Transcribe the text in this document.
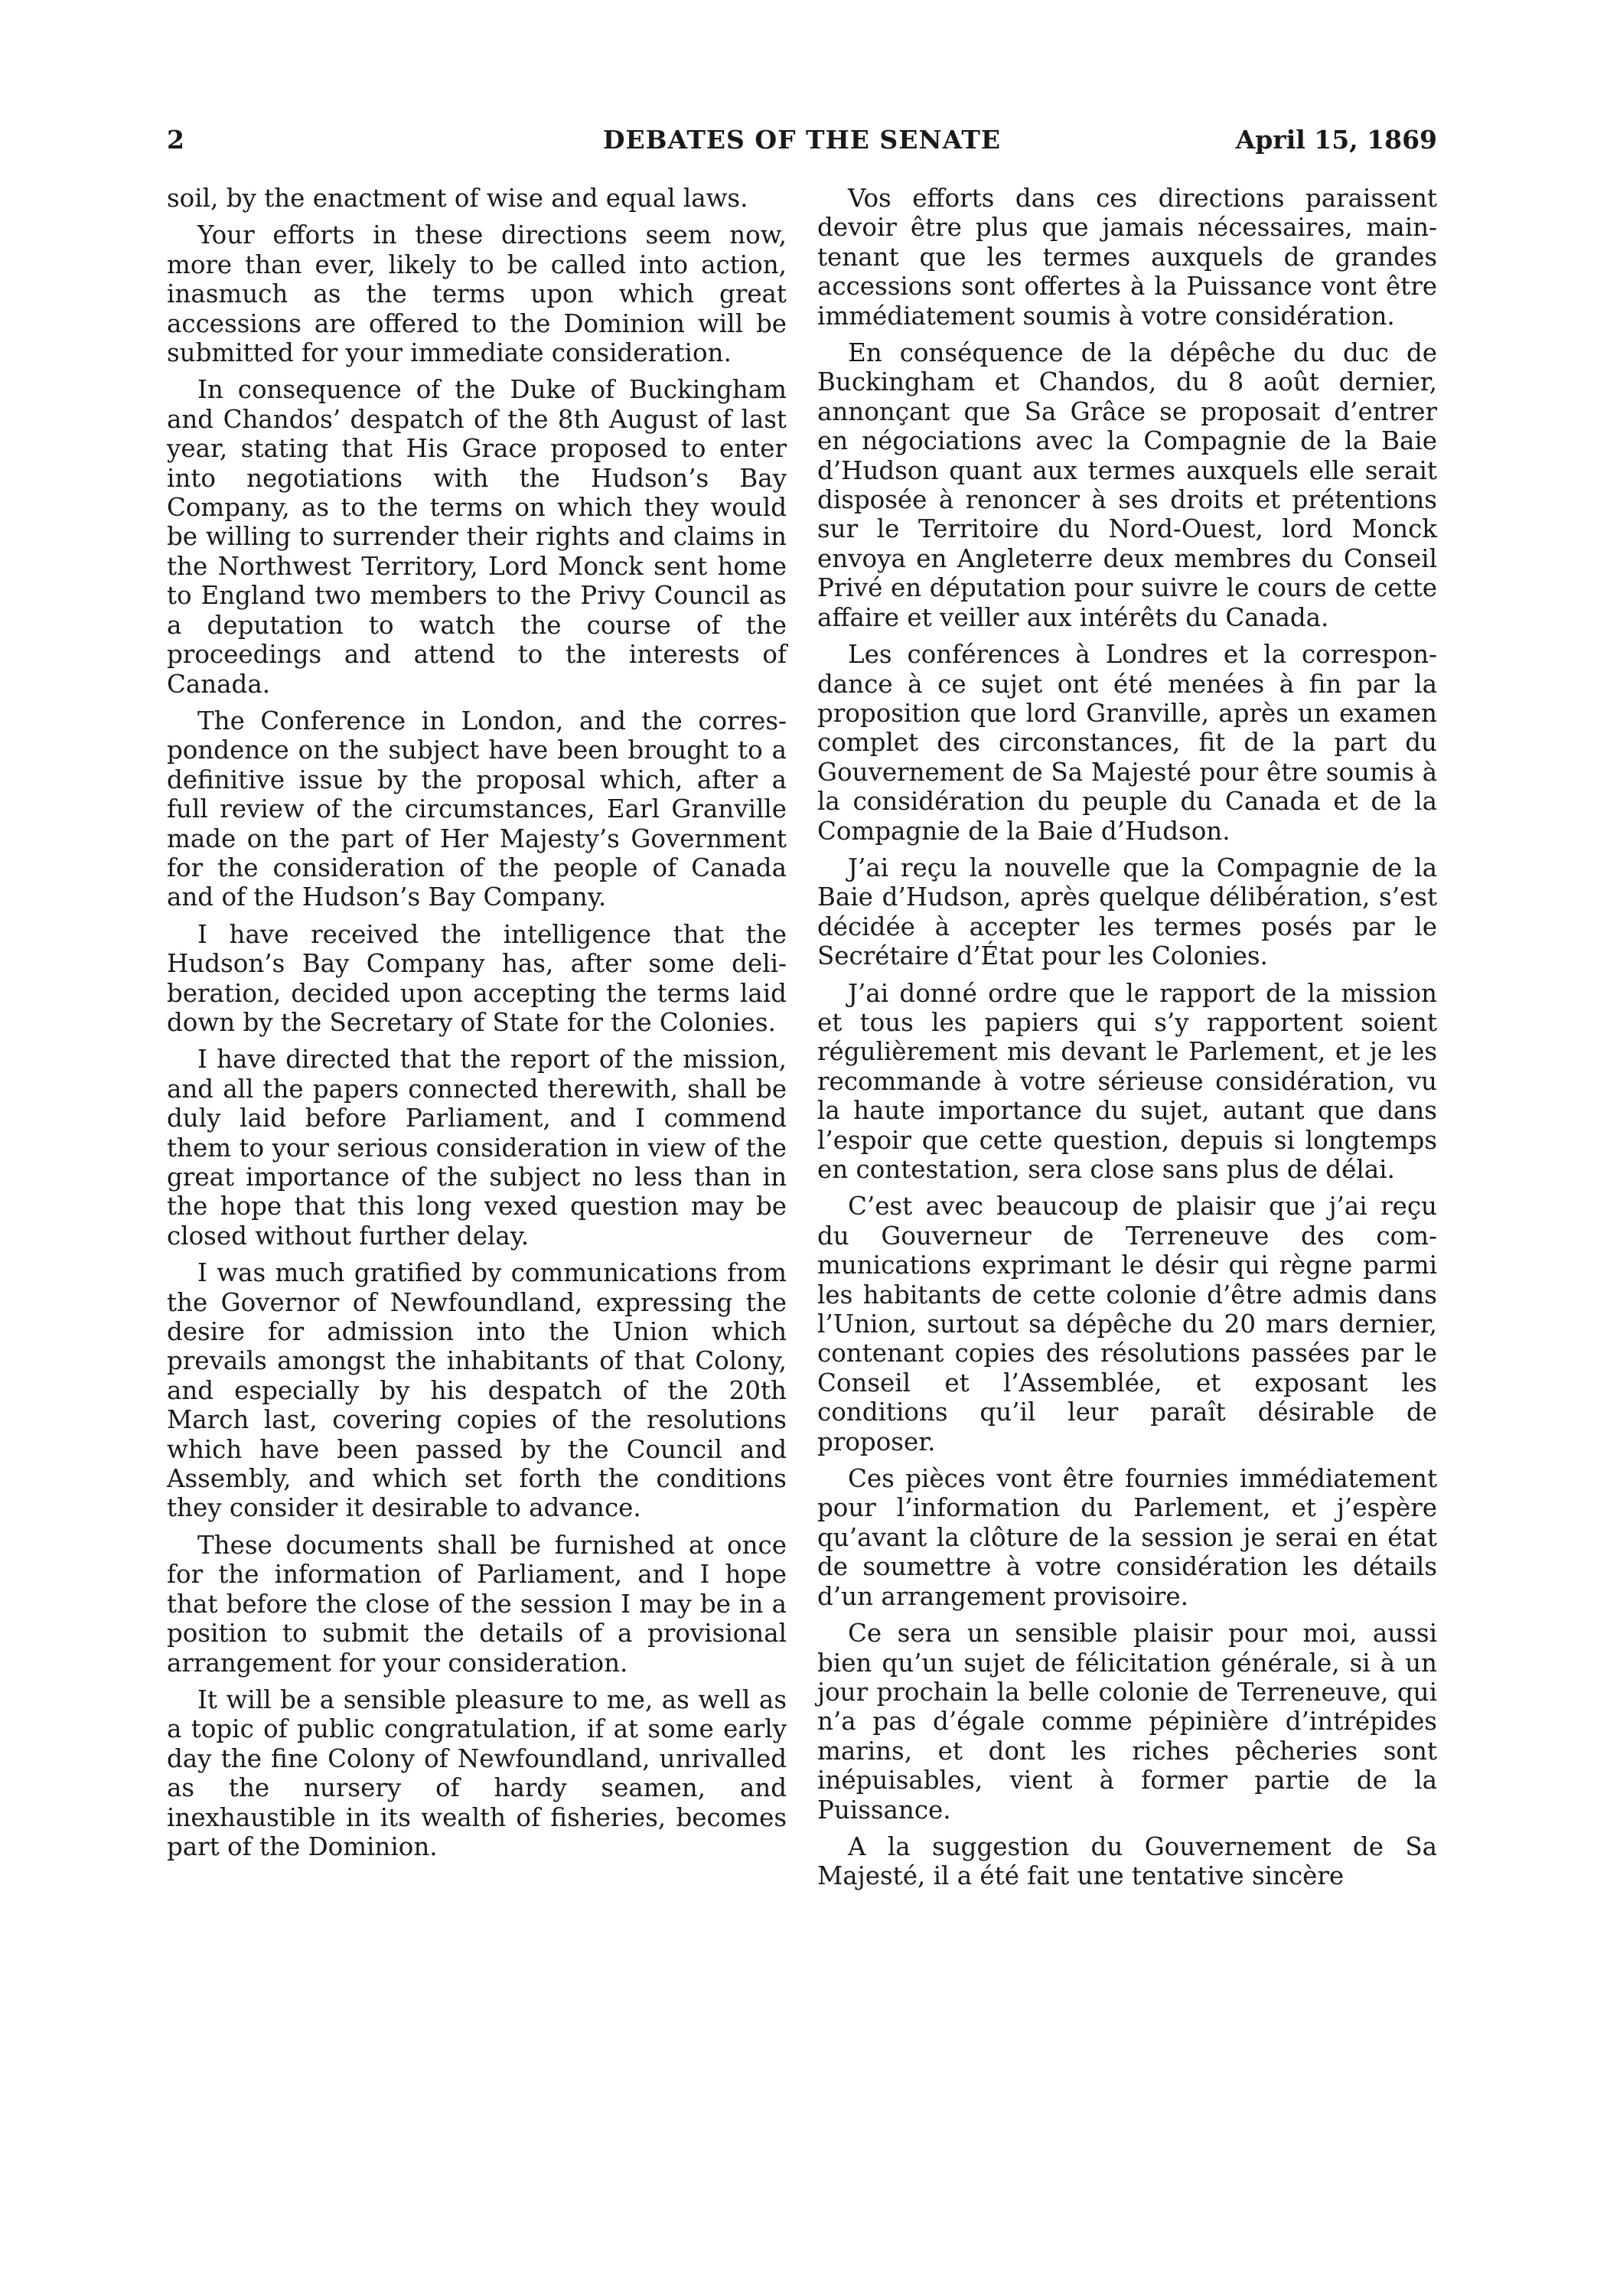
2	DEBATES OF THE SENATE	April 15, 1869

soil, by the enactment of wise and equal laws.

Your efforts in these directions seem now, more than ever, likely to be called into action, inasmuch as the terms upon which great accessions are offered to the Dominion will be submitted for your immediate consideration.

In consequence of the Duke of Buckingham and Chandos’ despatch of the 8th August of last year, stating that His Grace proposed to enter into negotiations with the Hudson’s Bay Company, as to the terms on which they would be willing to surrender their rights and claims in the Northwest Territory, Lord Monck sent home to England two members to the Privy Council as a deputation to watch the course of the proceedings and attend to the interests of Canada.

The Conference in London, and the correspondence on the subject have been brought to a definitive issue by the proposal which, after a full review of the circumstances, Earl Granville made on the part of Her Majesty’s Government for the consideration of the people of Canada and of the Hudson’s Bay Company.

I have received the intelligence that the Hudson’s Bay Company has, after some deliberation, decided upon accepting the terms laid down by the Secretary of State for the Colonies.

I have directed that the report of the mission, and all the papers connected therewith, shall be duly laid before Parliament, and I commend them to your serious consideration in view of the great importance of the subject no less than in the hope that this long vexed question may be closed without further delay.

I was much gratified by communications from the Governor of Newfoundland, expressing the desire for admission into the Union which prevails amongst the inhabitants of that Colony, and especially by his despatch of the 20th March last, covering copies of the resolutions which have been passed by the Council and Assembly, and which set forth the conditions they consider it desirable to advance.

These documents shall be furnished at once for the information of Parliament, and I hope that before the close of the session I may be in a position to submit the details of a provisional arrangement for your consideration.

It will be a sensible pleasure to me, as well as a topic of public congratulation, if at some early day the fine Colony of Newfoundland, unrivalled as the nursery of hardy seamen, and inexhaustible in its wealth of fisheries, becomes part of the Dominion.

Vos efforts dans ces directions paraissent devoir être plus que jamais nécessaires, maintenant que les termes auxquels de grandes accessions sont offertes à la Puissance vont être immédiatement soumis à votre considération.

En conséquence de la dépêche du duc de Buckingham et Chandos, du 8 août dernier, annonçant que Sa Grâce se proposait d’entrer en négociations avec la Compagnie de la Baie d’Hudson quant aux termes auxquels elle serait disposée à renoncer à ses droits et prétentions sur le Territoire du Nord-Ouest, lord Monck envoya en Angleterre deux membres du Conseil Privé en députation pour suivre le cours de cette affaire et veiller aux intérêts du Canada.

Les conférences à Londres et la correspondance à ce sujet ont été menées à fin par la proposition que lord Granville, après un examen complet des circonstances, fit de la part du Gouvernement de Sa Majesté pour être soumis à la considération du peuple du Canada et de la Compagnie de la Baie d’Hudson.

J’ai reçu la nouvelle que la Compagnie de la Baie d’Hudson, après quelque délibération, s’est décidée à accepter les termes posés par le Secrétaire d’État pour les Colonies.

J’ai donné ordre que le rapport de la mission et tous les papiers qui s’y rapportent soient régulièrement mis devant le Parlement, et je les recommande à votre sérieuse considération, vu la haute importance du sujet, autant que dans l’espoir que cette question, depuis si longtemps en contestation, sera close sans plus de délai.

C’est avec beaucoup de plaisir que j’ai reçu du Gouverneur de Terreneuve des communications exprimant le désir qui règne parmi les habitants de cette colonie d’être admis dans l’Union, surtout sa dépêche du 20 mars dernier, contenant copies des résolutions passées par le Conseil et l’Assemblée, et exposant les conditions qu’il leur paraît désirable de proposer.

Ces pièces vont être fournies immédiatement pour l’information du Parlement, et j’espère qu’avant la clôture de la session je serai en état de soumettre à votre considération les détails d’un arrangement provisoire.

Ce sera un sensible plaisir pour moi, aussi bien qu’un sujet de félicitation générale, si à un jour prochain la belle colonie de Terreneuve, qui n’a pas d’égale comme pépinière d’intrépides marins, et dont les riches pêcheries sont inépuisables, vient à former partie de la Puissance.

A la suggestion du Gouvernement de Sa Majesté, il a été fait une tentative sincère
